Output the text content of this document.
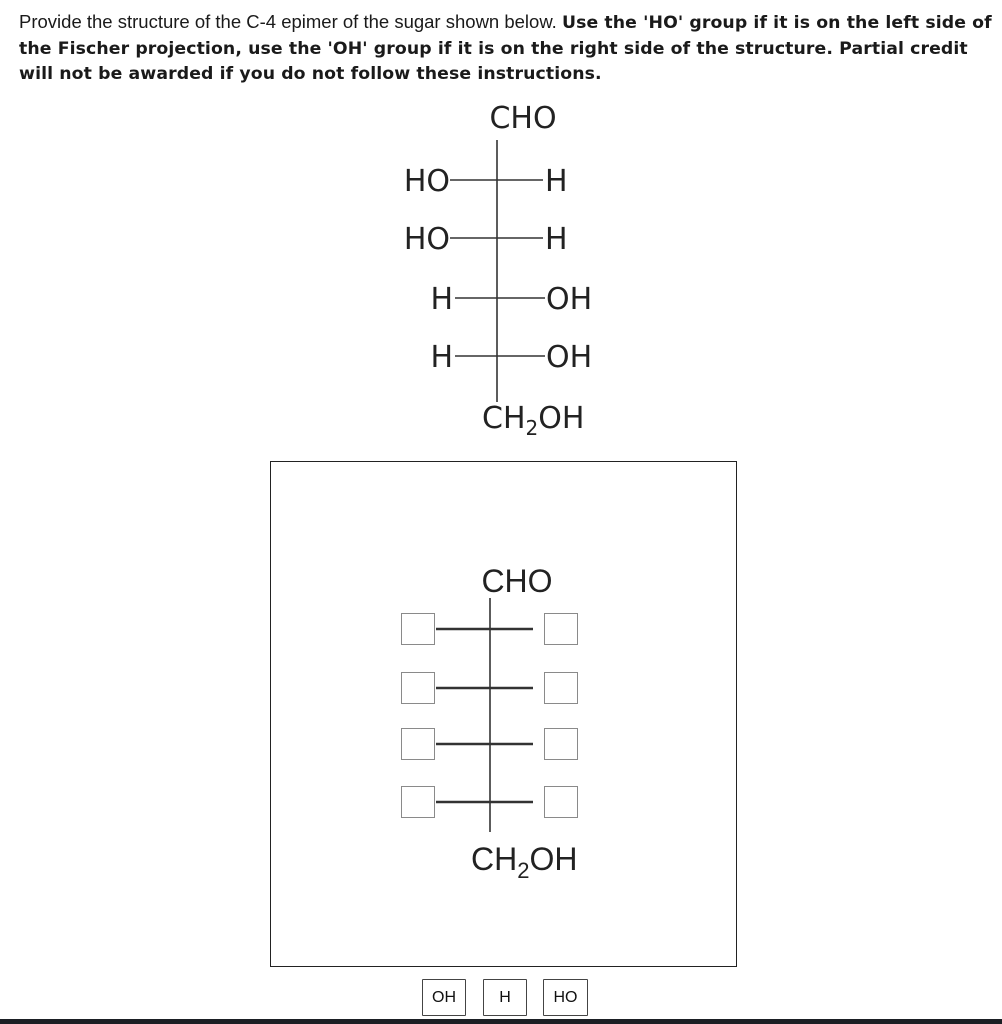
Provide the structure of the C-4 epimer of the sugar shown below. Use the 'HO' group if it is on the left side of the Fischer projection, use the 'OH' group if it is on the right side of the structure. Partial credit will not be awarded if you do not follow these instructions.

CHO
HO	H
HO	H
H	OH
H	OH
$CH_2OH$
CHO
$CH_2OH$
OH	H	HO
